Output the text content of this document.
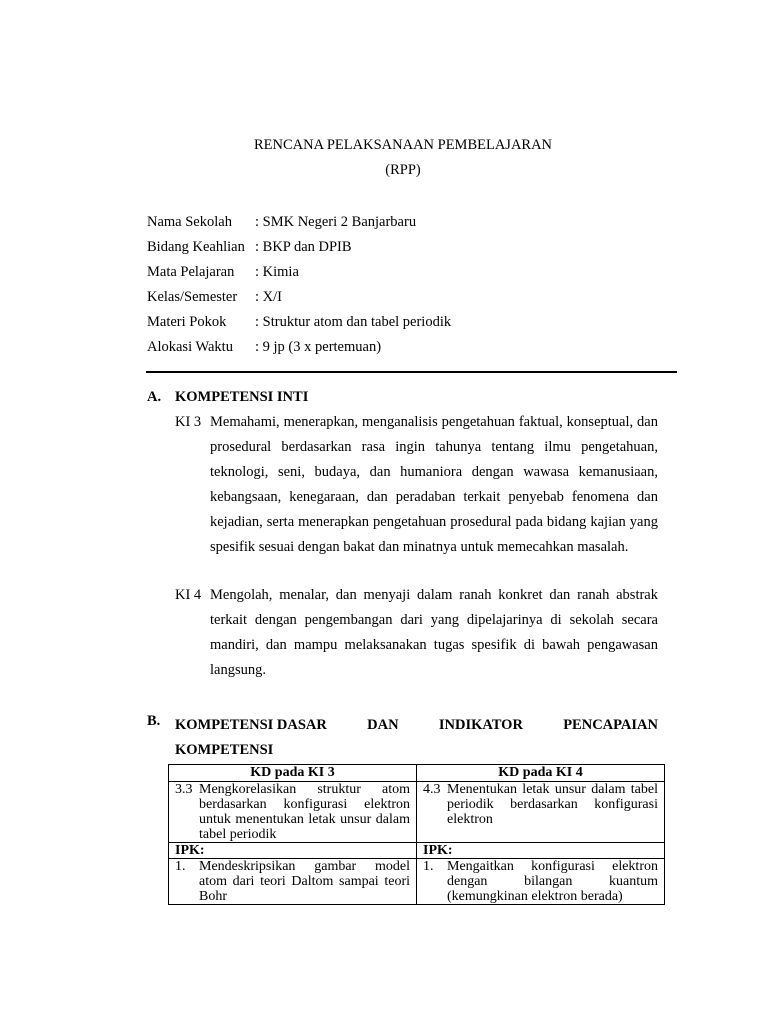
RENCANA PELAKSANAAN PEMBELAJARAN
(RPP)
Nama Sekolah	: SMK Negeri 2 Banjarbaru
Bidang Keahlian : BKP dan DPIB
Mata Pelajaran	: Kimia
Kelas/Semester	: X/I
Materi Pokok	: Struktur atom dan tabel periodik
Alokasi Waktu	: 9 jp (3 x pertemuan)
A. KOMPETENSI INTI
KI 3 Memahami, menerapkan, menganalisis pengetahuan faktual, konseptual, dan prosedural berdasarkan rasa ingin tahunya tentang ilmu pengetahuan, teknologi, seni, budaya, dan humaniora dengan wawasa kemanusiaan, kebangsaan, kenegaraan, dan peradaban terkait penyebab fenomena dan kejadian, serta menerapkan pengetahuan prosedural pada bidang kajian yang spesifik sesuai dengan bakat dan minatnya untuk memecahkan masalah.
KI 4 Mengolah, menalar, dan menyaji dalam ranah konkret dan ranah abstrak terkait dengan pengembangan dari yang dipelajarinya di sekolah secara mandiri, dan mampu melaksanakan tugas spesifik di bawah pengawasan langsung.
B. KOMPETENSI DASAR	DAN	INDIKATOR	PENCAPAIAN
KOMPETENSI
KD pada KI 3	KD pada KI 4

3.3 Mengkorelasikan struktur atom berdasarkan konfigurasi elektron untuk menentukan letak unsur dalam tabel periodik	4.3 Menentukan letak unsur dalam tabel periodik berdasarkan konfigurasi elektron

IPK:	IPK:

1. Mendeskripsikan gambar model atom dari teori Daltom sampai teori Bohr	1. Mengaitkan konfigurasi elektron dengan bilangan kuantum (kemungkinan elektron berada)
